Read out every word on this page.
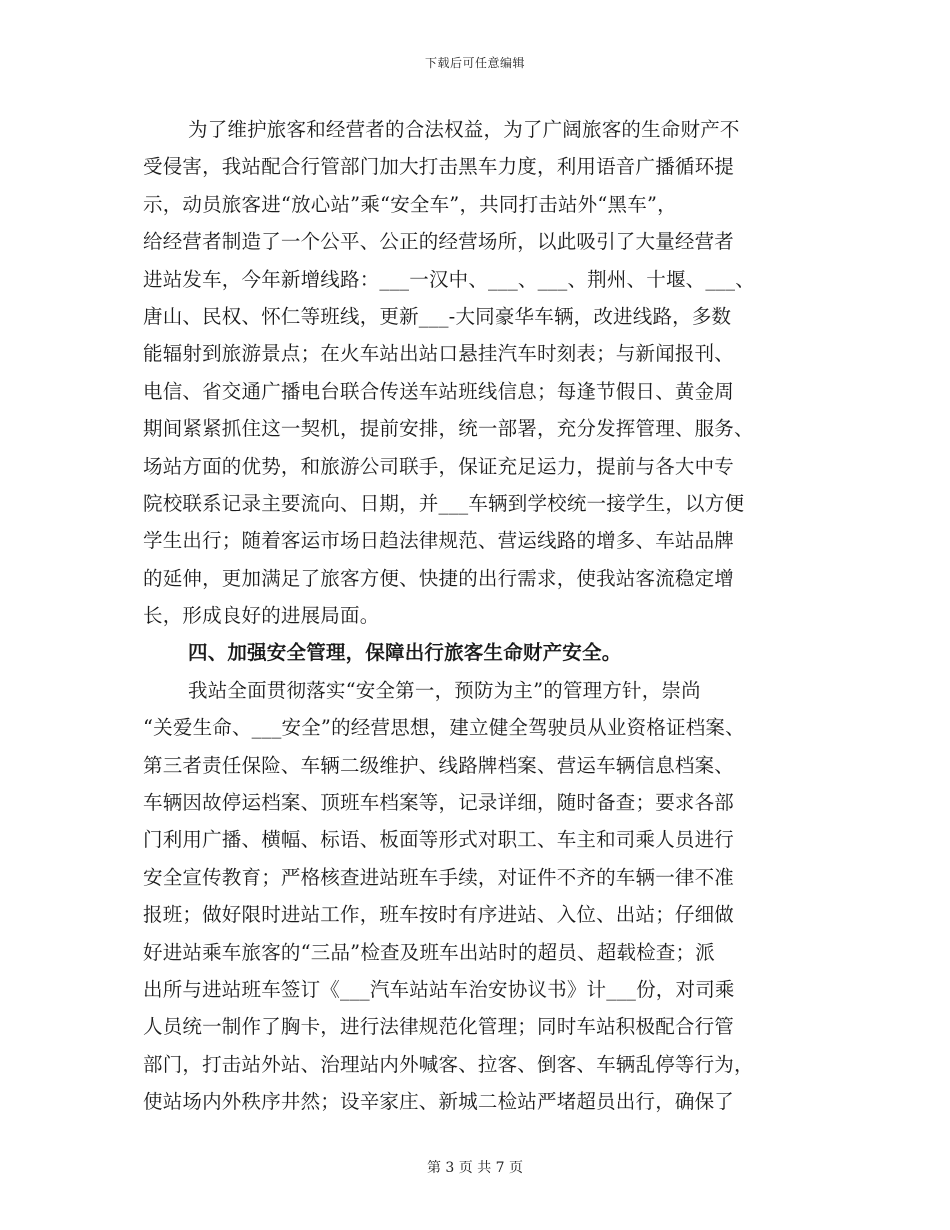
下载后可任意编辑
为了维护旅客和经营者的合法权益，为了广阔旅客的生命财产不
受侵害，我站配合行管部门加大打击黑车力度，利用语音广播循环提
示，动员旅客进“放心站”乘“安全车”，共同打击站外“黑车”，
给经营者制造了一个公平、公正的经营场所，以此吸引了大量经营者
进站发车，今年新增线路：___一汉中、___、___、荆州、十堰、___、
唐山、民权、怀仁等班线，更新___-大同豪华车辆，改进线路，多数
能辐射到旅游景点；在火车站出站口悬挂汽车时刻表；与新闻报刊、
电信、省交通广播电台联合传送车站班线信息；每逢节假日、黄金周
期间紧紧抓住这一契机，提前安排，统一部署，充分发挥管理、服务、
场站方面的优势，和旅游公司联手，保证充足运力，提前与各大中专
院校联系记录主要流向、日期，并___车辆到学校统一接学生，以方便
学生出行；随着客运市场日趋法律规范、营运线路的增多、车站品牌
的延伸，更加满足了旅客方便、快捷的出行需求，使我站客流稳定增
长，形成良好的进展局面。
四、加强安全管理，保障出行旅客生命财产安全。
我站全面贯彻落实“安全第一，预防为主”的管理方针，崇尚
“关爱生命、___安全”的经营思想，建立健全驾驶员从业资格证档案、
第三者责任保险、车辆二级维护、线路牌档案、营运车辆信息档案、
车辆因故停运档案、顶班车档案等，记录详细，随时备查；要求各部
门利用广播、横幅、标语、板面等形式对职工、车主和司乘人员进行
安全宣传教育；严格核查进站班车手续，对证件不齐的车辆一律不准
报班；做好限时进站工作，班车按时有序进站、入位、出站；仔细做
好进站乘车旅客的“三品”检查及班车出站时的超员、超载检查；派
出所与进站班车签订《___汽车站站车治安协议书》计___份，对司乘
人员统一制作了胸卡，进行法律规范化管理；同时车站积极配合行管
部门，打击站外站、治理站内外喊客、拉客、倒客、车辆乱停等行为，
使站场内外秩序井然；设辛家庄、新城二检站严堵超员出行，确保了
第 3 页 共 7 页
